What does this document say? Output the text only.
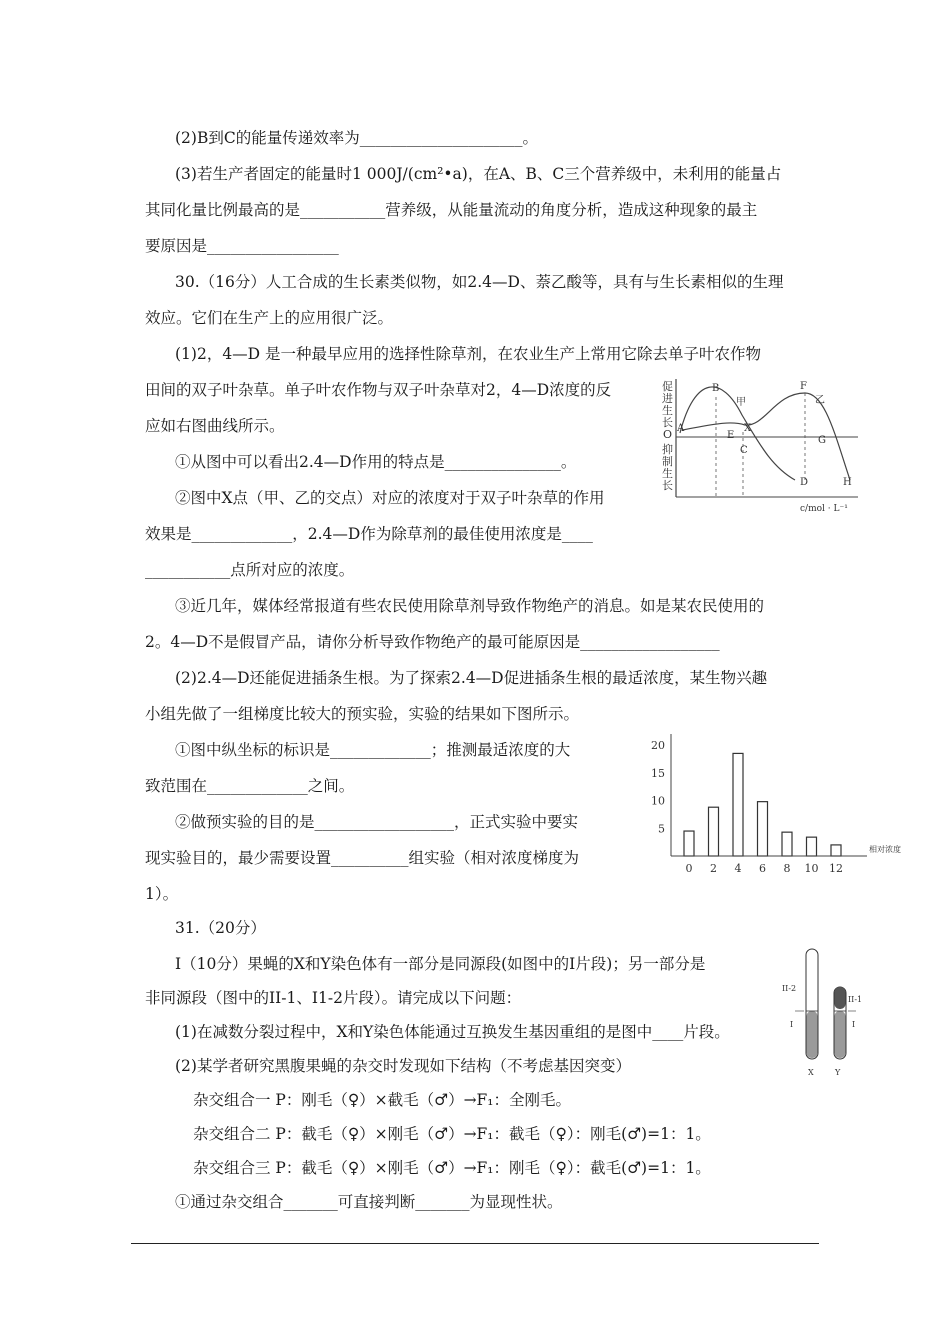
(2)B到C的能量传递效率为_____________________。
(3)若生产者固定的能量时1 000J/(cm²•a)，在A、B、C三个营养级中，未利用的能量占
其同化量比例最高的是___________营养级，从能量流动的角度分析，造成这种现象的最主
要原因是_________________
30.（16分）人工合成的生长素类似物，如2.4—D、萘乙酸等，具有与生长素相似的生理
效应。它们在生产上的应用很广泛。
(1)2，4—D 是一种最早应用的选择性除草剂，在农业生产上常用它除去单子叶农作物
田间的双子叶杂草。单子叶农作物与双子叶杂草对2，4—D浓度的反
应如右图曲线所示。
①从图中可以看出2.4—D作用的特点是_______________。
②图中X点（甲、乙的交点）对应的浓度对于双子叶杂草的作用
效果是_____________，2.4—D作为除草剂的最佳使用浓度是____
___________点所对应的浓度。
③近几年，媒体经常报道有些农民使用除草剂导致作物绝产的消息。如是某农民使用的
2。4—D不是假冒产品，请你分析导致作物绝产的最可能原因是__________________
(2)2.4—D还能促进插条生根。为了探索2.4—D促进插条生根的最适浓度，某生物兴趣
小组先做了一组梯度比较大的预实验，实验的结果如下图所示。
①图中纵坐标的标识是_____________；推测最适浓度的大
致范围在_____________之间。
②做预实验的目的是__________________，正式实验中要实
现实验目的，最少需要设置__________组实验（相对浓度梯度为
1）。
31.（20分）
Ⅰ（10分）果蝇的X和Y染色体有一部分是同源段(如图中的Ⅰ片段)；另一部分是
非同源段（图中的II-1、I1-2片段）。请完成以下问题：
(1)在减数分裂过程中，X和Y染色体能通过互换发生基因重组的是图中____片段。
(2)某学者研究黑腹果蝇的杂交时发现如下结构（不考虑基因突变）
杂交组合一 P：刚毛（♀）×截毛（♂）→F₁：全刚毛。
杂交组合二 P：截毛（♀）×刚毛（♂）→F₁：截毛（♀）：刚毛(♂)=1：1。
杂交组合三 P：截毛（♀）×刚毛（♂）→F₁：刚毛（♀）：截毛(♂)=1：1。
①通过杂交组合_______可直接判断_______为显现性状。
促
进
生
长
O
抑
制
生
长
A
B
甲
X
E
C
F
乙
G
D	H
c/mol · L⁻¹
5
10
15
20
0 2 4 6 8 10 12
相对浓度
II-2
I
II-1
I
X	Y
